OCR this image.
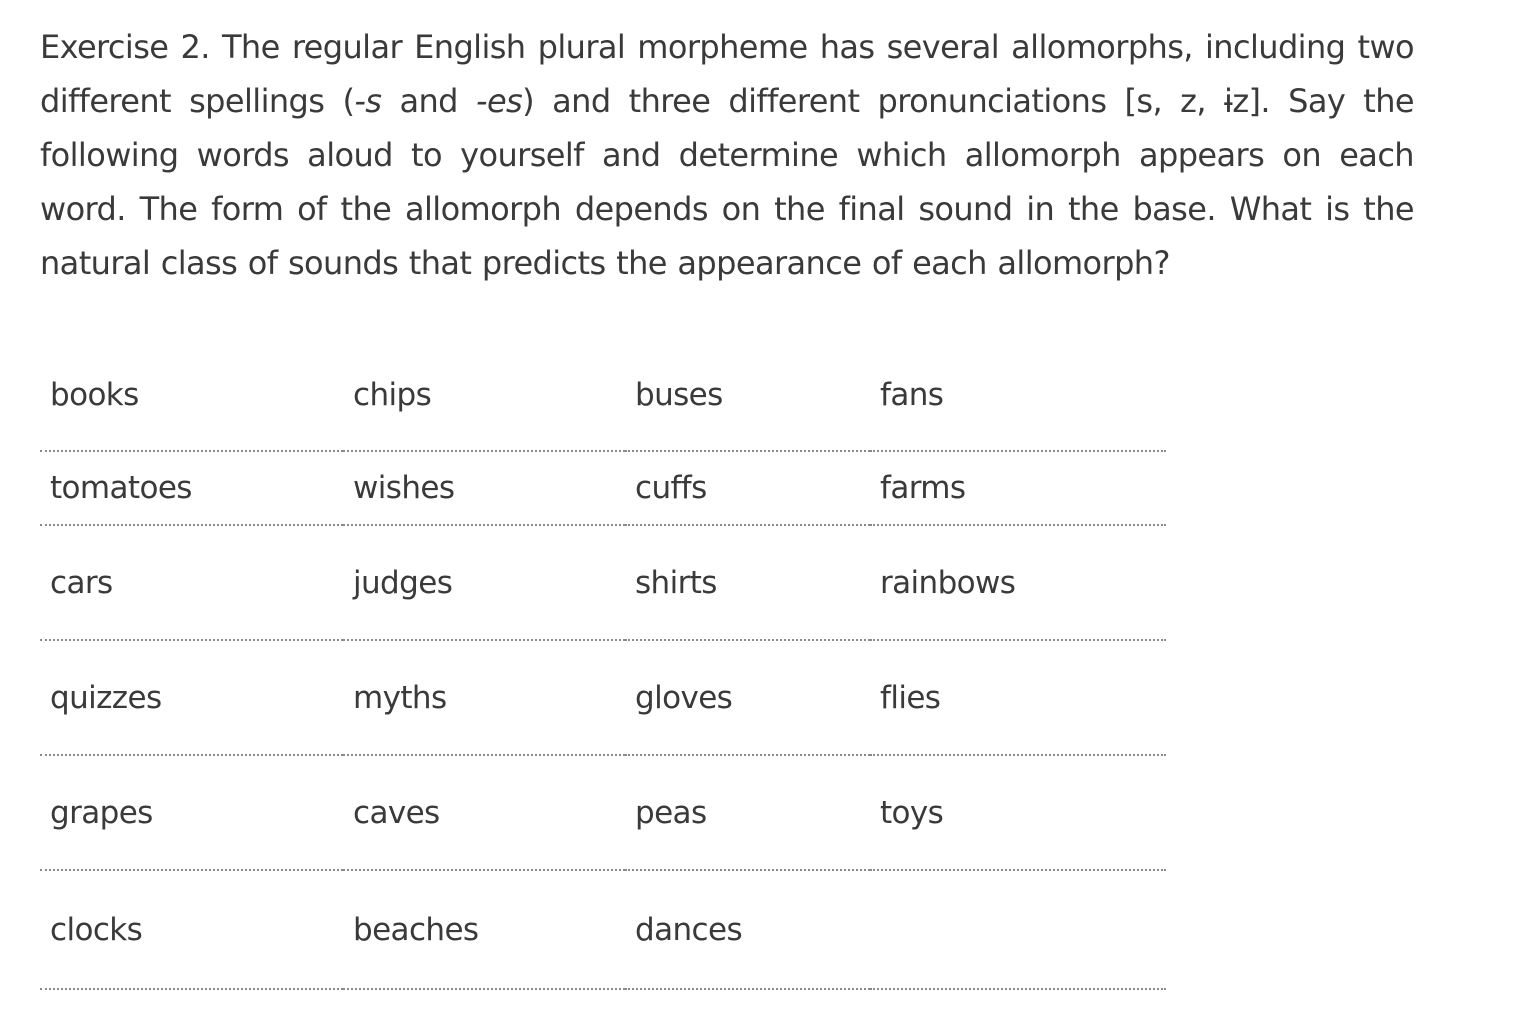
Exercise 2. The regular English plural morpheme has several allomorphs, including two different spellings (-s and -es) and three different pronunciations [s, z, ɨz]. Say the following words aloud to yourself and determine which allomorph appears on each word. The form of the allomorph depends on the final sound in the base. What is the natural class of sounds that predicts the appearance of each allomorph?

books	chips	buses	fans
tomatoes	wishes	cuffs	farms
cars	judges	shirts	rainbows
quizzes	myths	gloves	flies
grapes	caves	peas	toys
clocks	beaches	dances	
